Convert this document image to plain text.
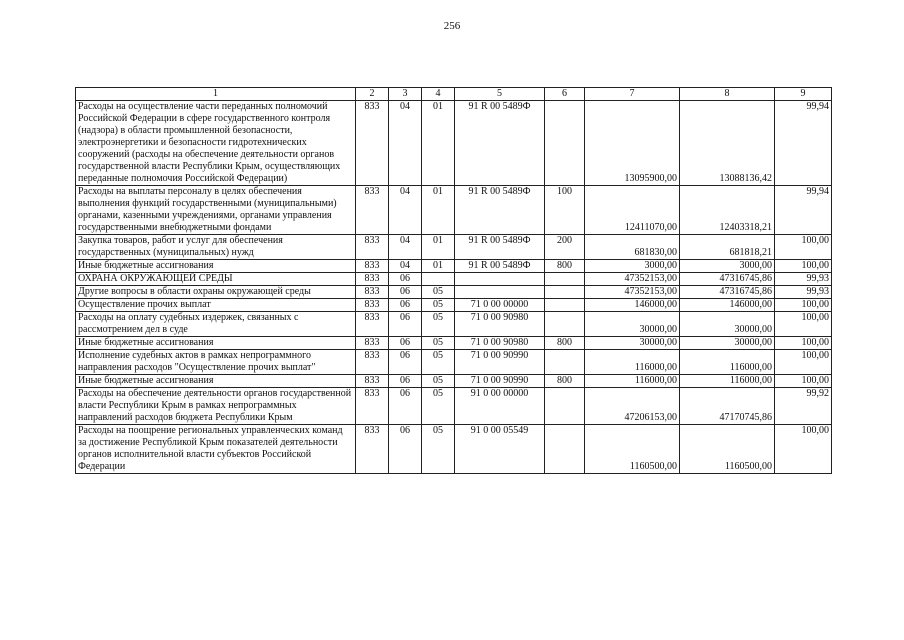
256
1	2	3	4	5	6	7	8	9
Расходы на осуществление части переданных полномочий Российской Федерации в сфере государственного контроля (надзора) в области промышленной безопасности, электроэнергетики и безопасности гидротехнических сооружений (расходы на обеспечение деятельности органов государственной власти Республики Крым, осуществляющих переданные полномочия Российской Федерации)	833	04	01	91 R 00 5489Ф		13095900,00	13088136,42	99,94
Расходы на выплаты персоналу в целях обеспечения выполнения функций государственными (муниципальными) органами, казенными учреждениями, органами управления государственными внебюджетными фондами	833	04	01	91 R 00 5489Ф	100	12411070,00	12403318,21	99,94
Закупка товаров, работ и услуг для обеспечения государственных (муниципальных) нужд	833	04	01	91 R 00 5489Ф	200	681830,00	681818,21	100,00
Иные бюджетные ассигнования	833	04	01	91 R 00 5489Ф	800	3000,00	3000,00	100,00
ОХРАНА ОКРУЖАЮЩЕЙ СРЕДЫ	833	06				47352153,00	47316745,86	99,93
Другие вопросы в области охраны окружающей среды	833	06	05			47352153,00	47316745,86	99,93
Осуществление прочих выплат	833	06	05	71 0 00 00000		146000,00	146000,00	100,00
Расходы на оплату судебных издержек, связанных с рассмотрением дел в суде	833	06	05	71 0 00 90980		30000,00	30000,00	100,00
Иные бюджетные ассигнования	833	06	05	71 0 00 90980	800	30000,00	30000,00	100,00
Исполнение судебных актов в рамках непрограммного направления расходов "Осуществление прочих выплат"	833	06	05	71 0 00 90990		116000,00	116000,00	100,00
Иные бюджетные ассигнования	833	06	05	71 0 00 90990	800	116000,00	116000,00	100,00
Расходы на обеспечение деятельности органов государственной власти Республики Крым в рамках непрограммных направлений расходов бюджета Республики Крым	833	06	05	91 0 00 00000		47206153,00	47170745,86	99,92
Расходы на поощрение региональных управленческих команд за достижение Республикой Крым показателей деятельности органов исполнительной власти субъектов Российской Федерации	833	06	05	91 0 00 05549		1160500,00	1160500,00	100,00
